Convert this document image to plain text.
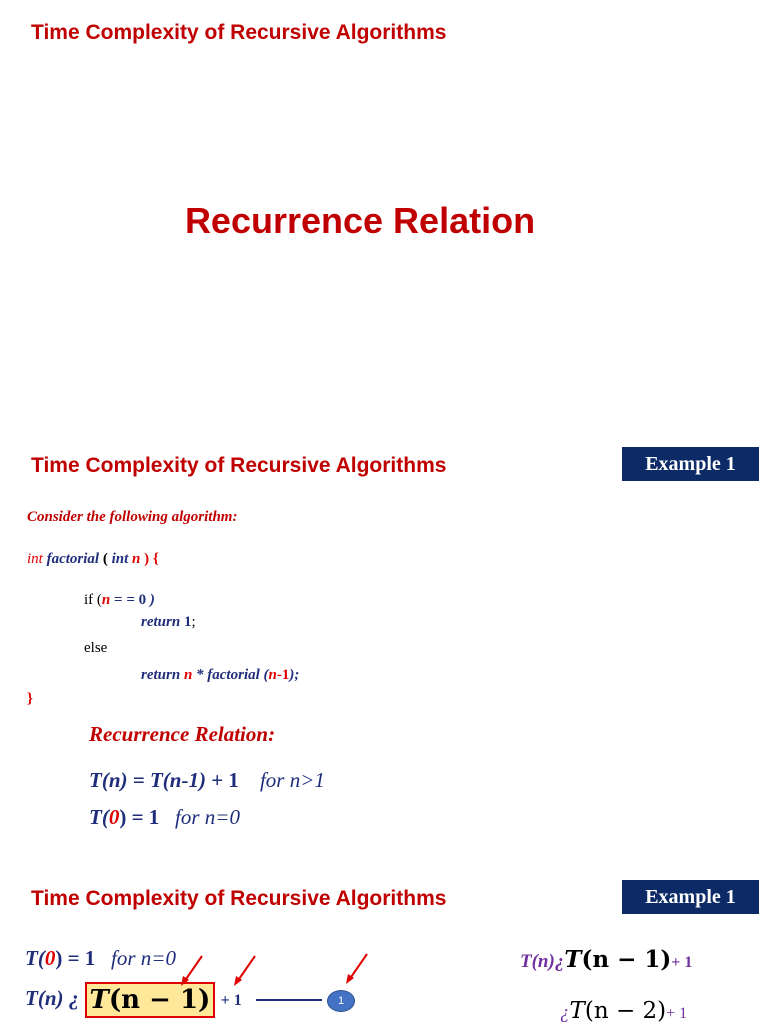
Time Complexity of Recursive Algorithms
Recurrence Relation
Time Complexity of Recursive Algorithms	Example 1
Consider the following algorithm:
int factorial ( int n ) {
if (n = = 0 )
return 1;
else
return n * factorial (n-1);
}
Recurrence Relation:
T(n) = T(n-1) + 1 for n>1
T(0) = 1 for n=0
Time Complexity of Recursive Algorithms	Example 1
T(0) = 1 for n=0
T(n) ¿ T(n − 1) + 1	1
T(n)¿T(n − 1)+ 1
¿T(n − 2)+ 1
